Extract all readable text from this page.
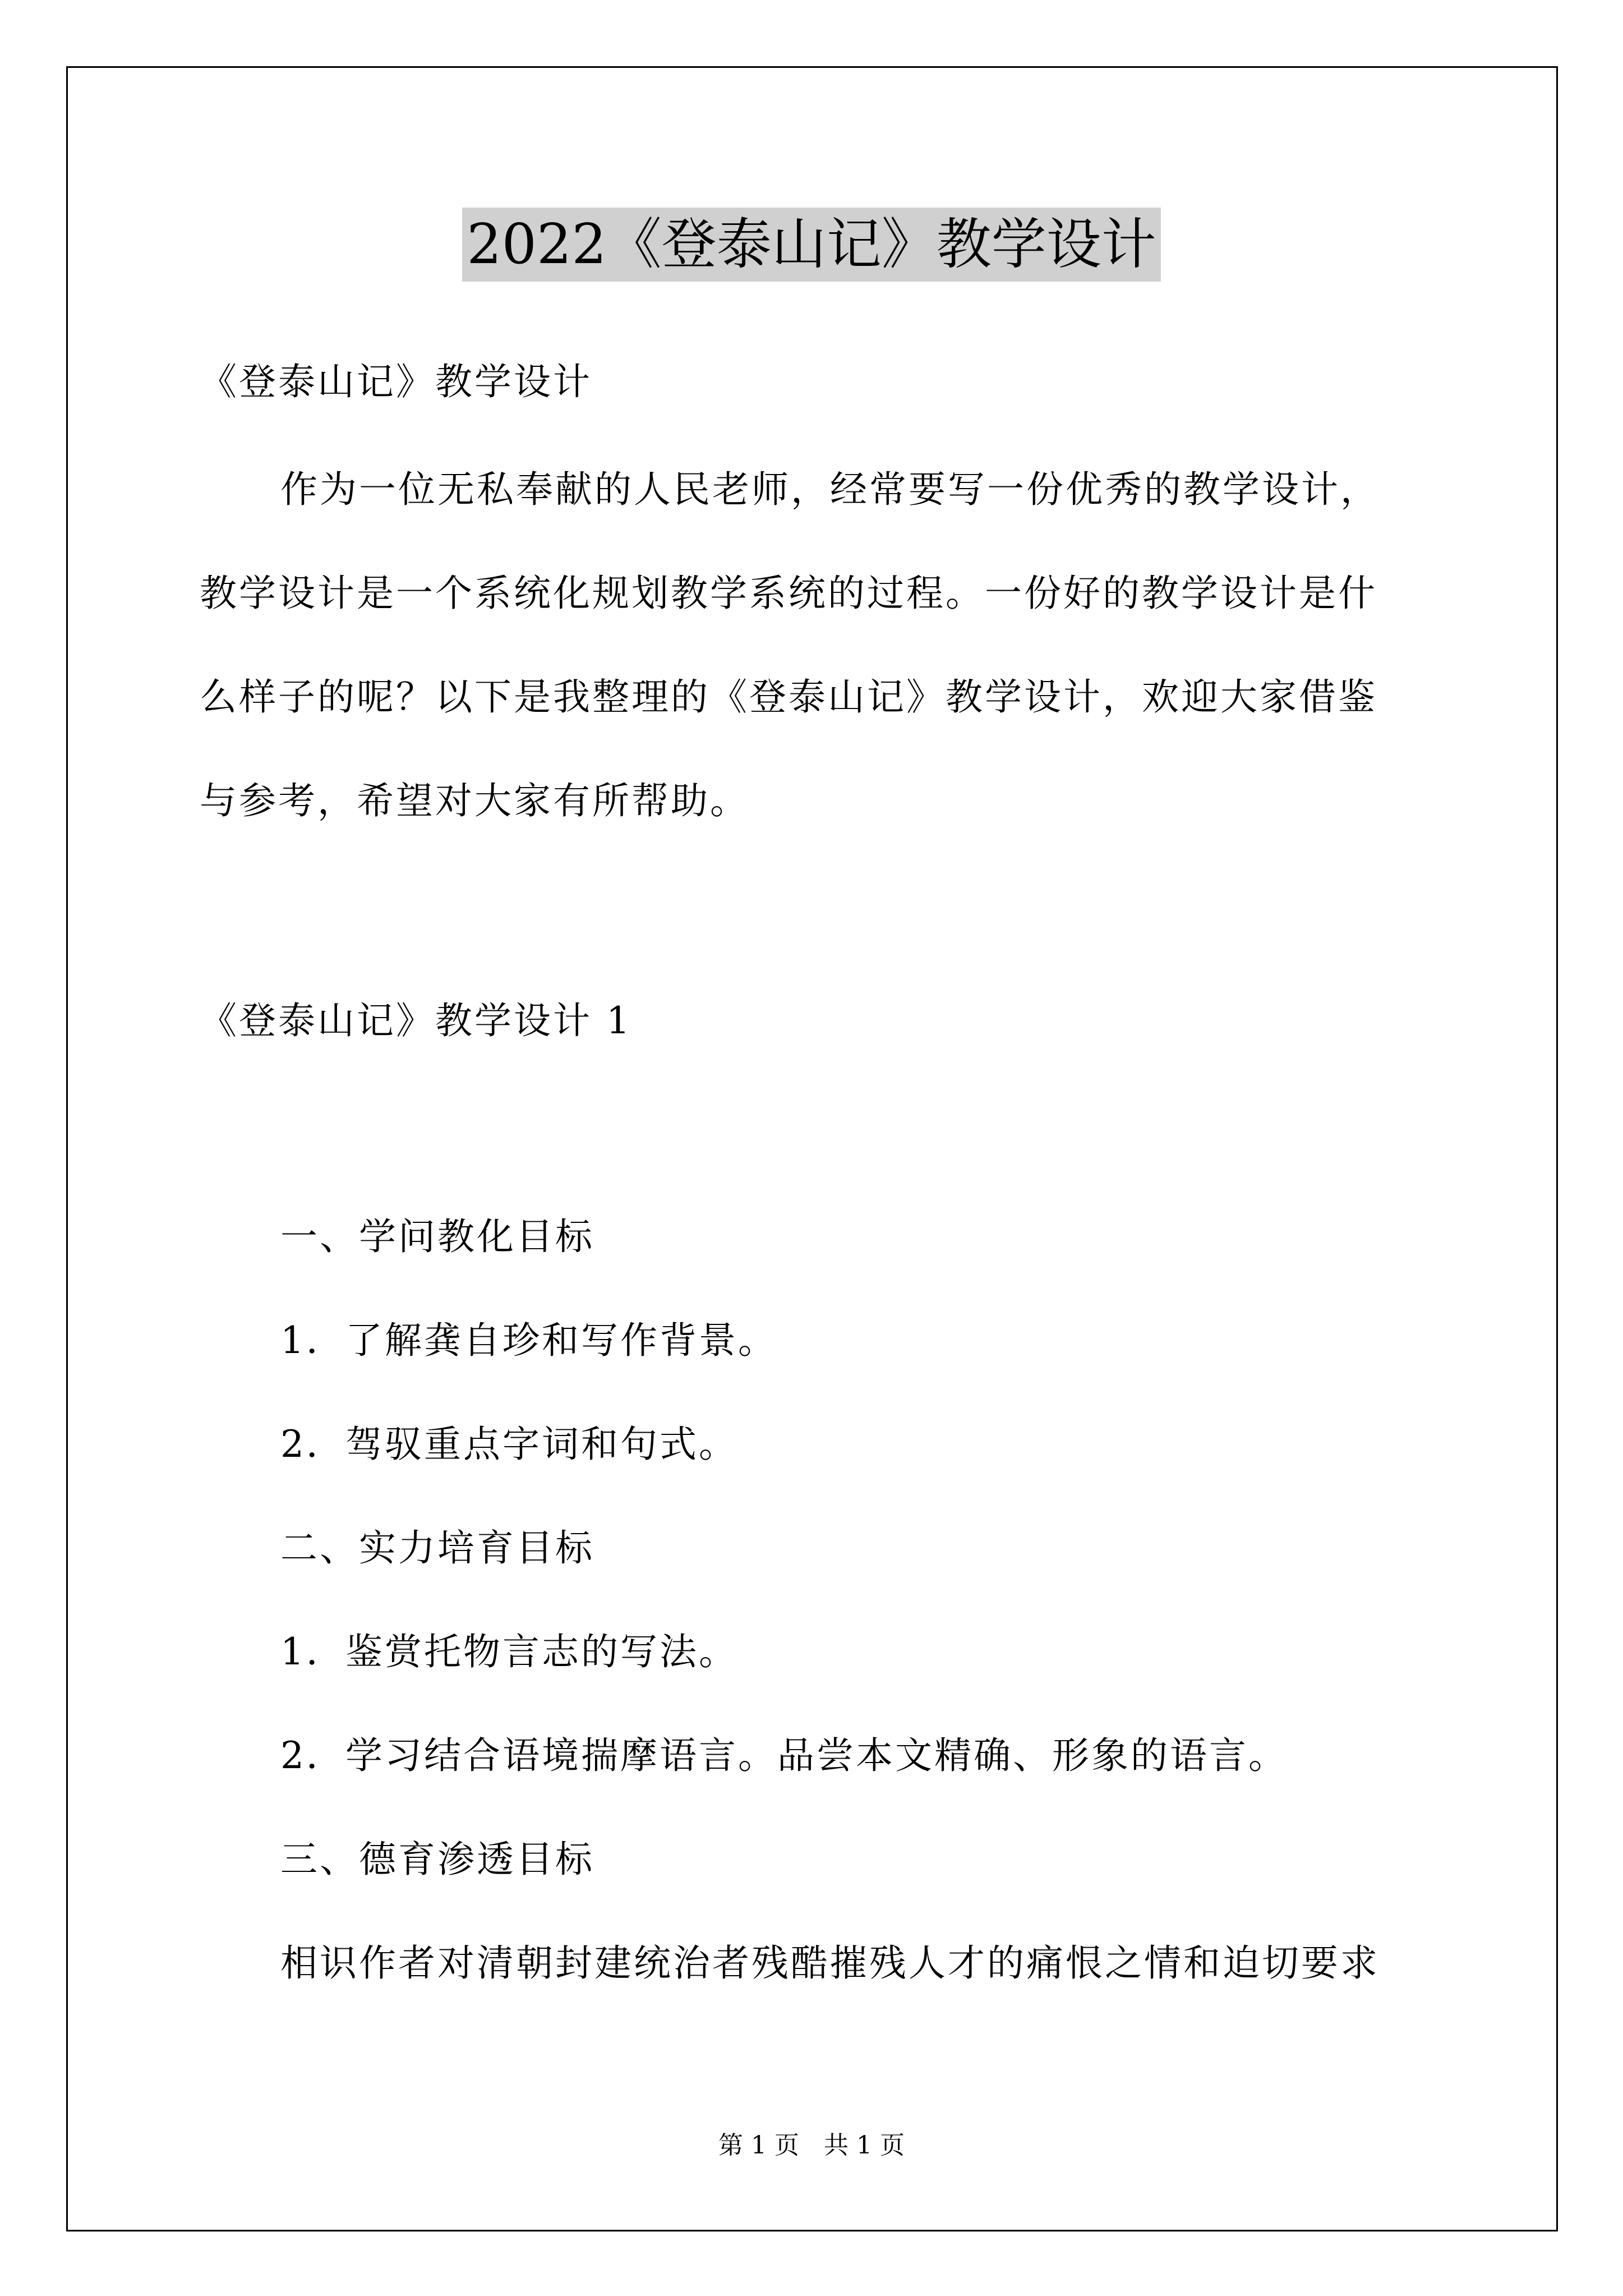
2022《登泰山记》教学设计
《登泰山记》教学设计
作为一位无私奉献的人民老师，经常要写一份优秀的教学设计，
教学设计是一个系统化规划教学系统的过程。一份好的教学设计是什
么样子的呢？以下是我整理的《登泰山记》教学设计，欢迎大家借鉴
与参考，希望对大家有所帮助。
《登泰山记》教学设计 1
一、学问教化目标
1．了解龚自珍和写作背景。
2．驾驭重点字词和句式。
二、实力培育目标
1．鉴赏托物言志的写法。
2．学习结合语境揣摩语言。品尝本文精确、形象的语言。
三、德育渗透目标
相识作者对清朝封建统治者残酷摧残人才的痛恨之情和迫切要求
第 1 页　共 1 页
